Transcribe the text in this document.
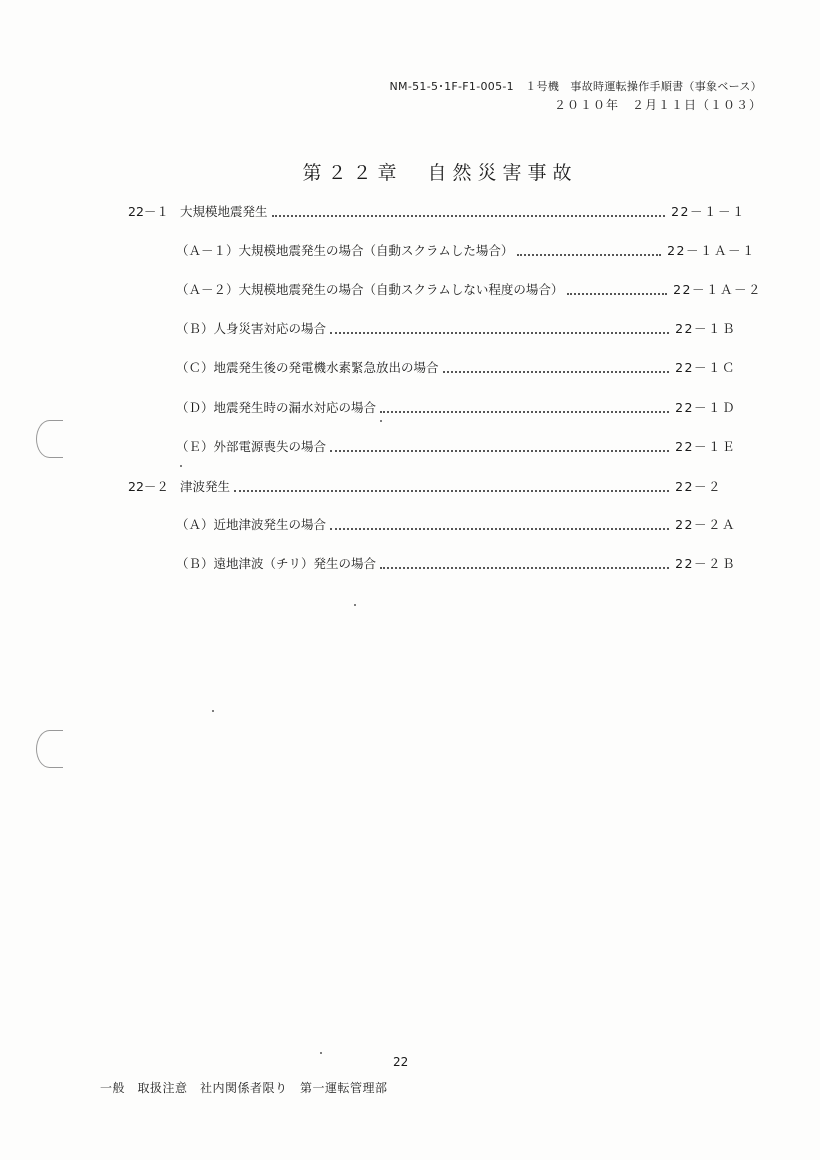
NM-51-5･1F-F1-005-1　１号機　事故時運転操作手順書（事象ベース）
２０１０年　２月１１日（１０３）
第２２章　自然災害事故
22－１ 大規模地震発生	22－１－１
（Ａ－１）大規模地震発生の場合（自動スクラムした場合）	22－１Ａ－１
（Ａ－２）大規模地震発生の場合（自動スクラムしない程度の場合）	22－１Ａ－２
（Ｂ）人身災害対応の場合	22－１Ｂ
（Ｃ）地震発生後の発電機水素緊急放出の場合	22－１Ｃ
（Ｄ）地震発生時の漏水対応の場合	22－１Ｄ
（Ｅ）外部電源喪失の場合	22－１Ｅ
22－２ 津波発生	22－２
（Ａ）近地津波発生の場合	22－２Ａ
（Ｂ）遠地津波（チリ）発生の場合	22－２Ｂ
22
一般　取扱注意　社内関係者限り　第一運転管理部
